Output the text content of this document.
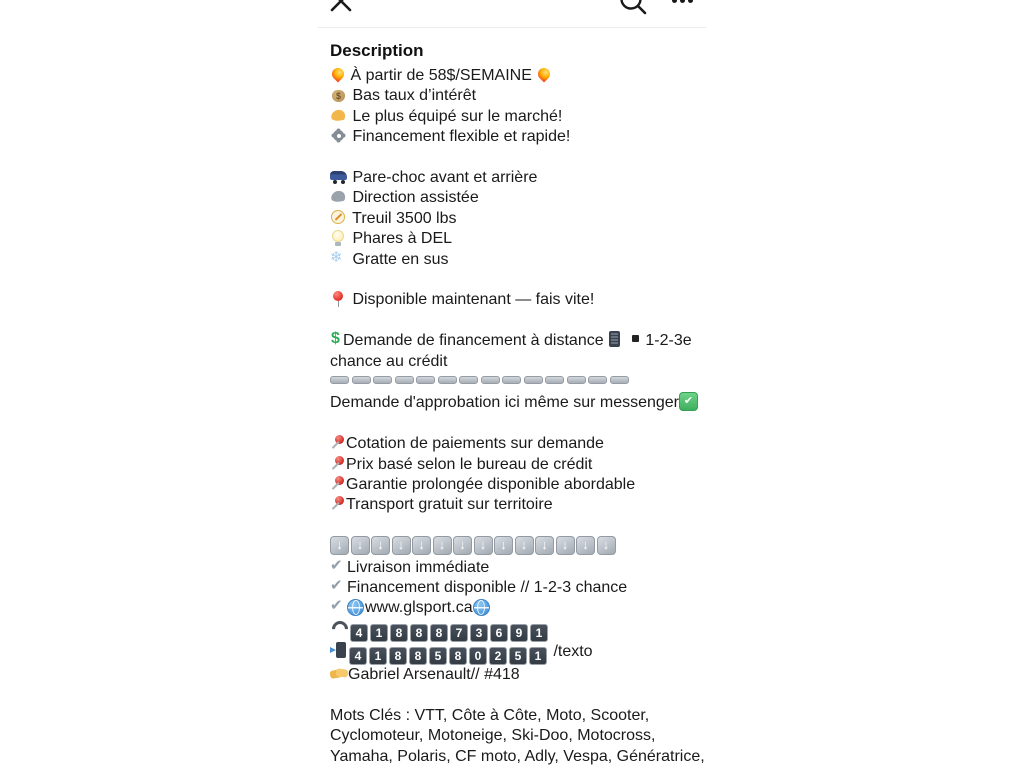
Description
À partir de 58$/SEMAINE
$ Bas taux d’intérêt
Le plus équipé sur le marché!
Financement flexible et rapide!
Pare-choc avant et arrière
Direction assistée
Treuil 3500 lbs
Phares à DEL
❄  Gratte en sus
Disponible maintenant — fais vite!
$ Demande de financement à distance    1-2-3e
chance au crédit
Demande d'approbation ici même sur messenger✔
Cotation de paiements sur demande
Prix basé selon le bureau de crédit
Garantie prolongée disponible abordable
Transport gratuit sur territoire
↓ ↓ ↓ ↓ ↓ ↓ ↓ ↓ ↓ ↓ ↓ ↓ ↓ ↓
✔ Livraison immédiate
✔ Financement disponible // 1-2-3 chance
✔ www.glsport.ca
4 1 8 8 8 7 3 6 9 1
4 1 8 8 5 8 0 2 5 1 /texto
Gabriel Arsenault// #418
Mots Clés : VTT, Côte à Côte, Moto, Scooter,
Cyclomoteur, Motoneige, Ski-Doo, Motocross,
Yamaha, Polaris, CF moto, Adly, Vespa, Génératrice,
